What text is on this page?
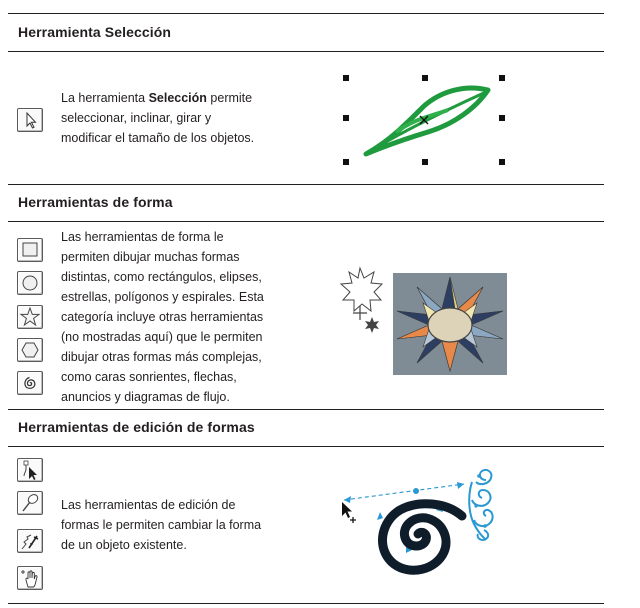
Herramienta Selección
La herramienta Selección permite
seleccionar, inclinar, girar y
modificar el tamaño de los objetos.
Herramientas de forma
Las herramientas de forma le
permiten dibujar muchas formas
distintas, como rectángulos, elipses,
estrellas, polígonos y espirales. Esta
categoría incluye otras herramientas
(no mostradas aquí) que le permiten
dibujar otras formas más complejas,
como caras sonrientes, flechas,
anuncios y diagramas de flujo.
Herramientas de edición de formas
Las herramientas de edición de
formas le permiten cambiar la forma
de un objeto existente.
